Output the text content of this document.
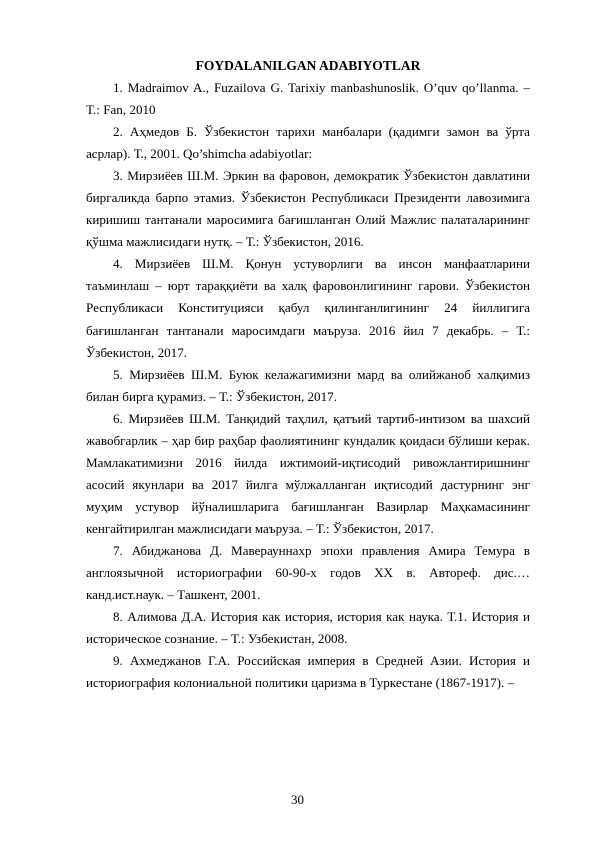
FOYDALANILGAN ADABIYOTLAR

1. Madraimov A., Fuzailova G. Tarixiy manbashunoslik. O’quv qo’llanma. – T.: Fan, 2010

2. Аҳмедов Б. Ўзбекистон тарихи манбалари (қадимги замон ва ўрта асрлар). Т., 2001. Qo’shimcha adabiyotlar:

3. Мирзиёев Ш.М. Эркин ва фаровон, демократик Ўзбекистон давлатини биргаликда барпо этамиз. Ўзбекистон Республикаси Президенти лавозимига киришиш тантанали маросимига бағишланган Олий Мажлис палаталарининг қўшма мажлисидаги нутқ. – Т.: Ўзбекистон, 2016.

4. Мирзиёев Ш.М. Қонун устуворлиги ва инсон манфаатларини таъминлаш – юрт тараққиёти ва халқ фаровонлигининг гарови. Ўзбекистон Республикаси Конституцияси қабул қилинганлигининг 24 йиллигига бағишланган тантанали маросимдаги маъруза. 2016 йил 7 декабрь. – Т.: Ўзбекистон, 2017.

5. Мирзиёев Ш.М. Буюк келажагимизни мард ва олийжаноб халқимиз билан бирга қурамиз. – Т.: Ўзбекистон, 2017.

6. Мирзиёев Ш.М. Танқидий таҳлил, қатъий тартиб-интизом ва шахсий жавобгарлик – ҳар бир раҳбар фаолиятининг кундалик қоидаси бўлиши керак. Мамлакатимизни 2016 йилда ижтимоий-иқтисодий ривожлантиришнинг асосий якунлари ва 2017 йилга мўлжалланган иқтисодий дастурнинг энг муҳим устувор йўналишларига бағишланган Вазирлар Маҳкамасининг кенгайтирилган мажлисидаги маъруза. – Т.: Ўзбекистон, 2017.

7. Абиджанова Д. Маверауннахр эпохи правления Амира Темура в англоязычной историографии 60-90-х годов ХХ в. Автореф. дис.… канд.ист.наук. – Ташкент, 2001.

8. Алимова Д.А. История как история, история как наука. Т.1. История и историческое сознание. – Т.: Узбекистан, 2008.

9. Ахмеджанов Г.А. Российская империя в Средней Азии. История и историография колониальной политики царизма в Туркестане (1867-1917). –

30
